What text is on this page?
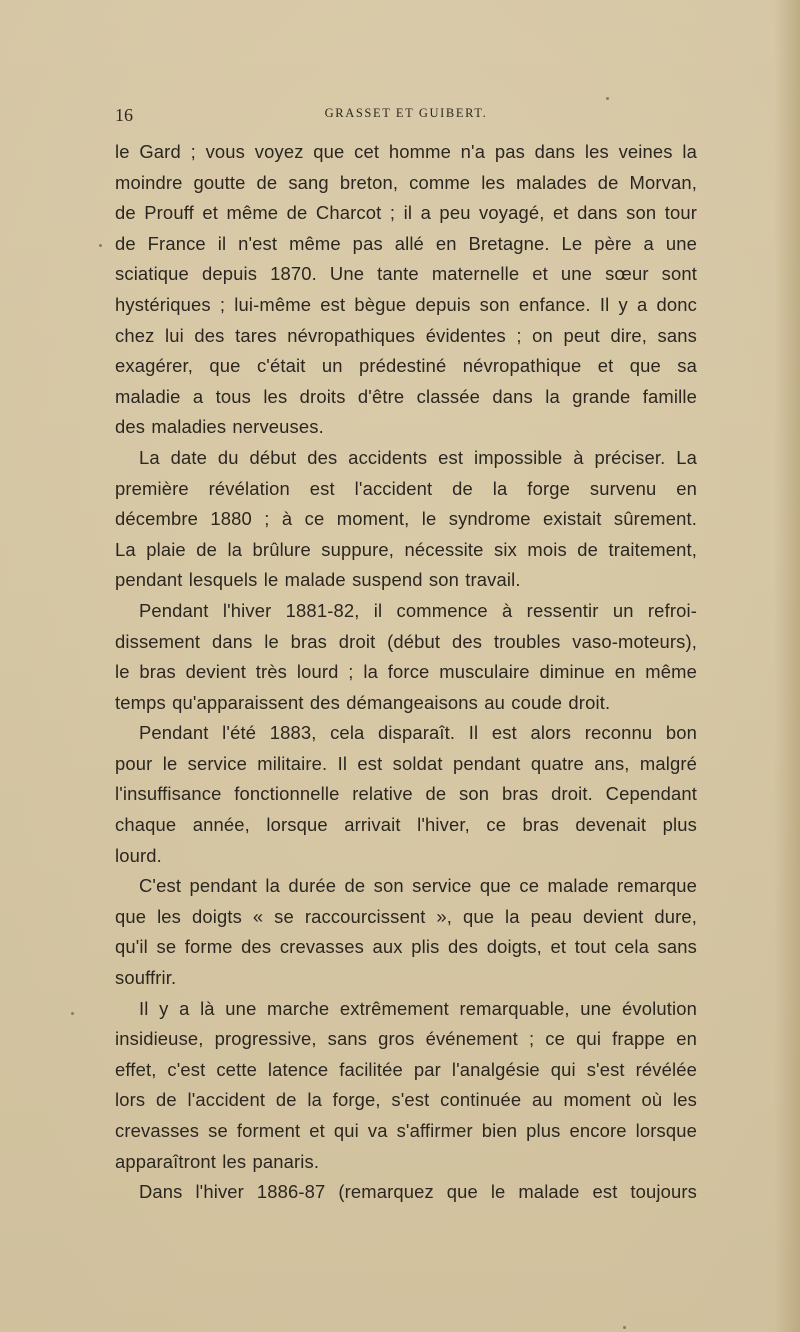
16	GRASSET ET GUIBERT.
le Gard ; vous voyez que cet homme n'a pas dans les veines la
moindre goutte de sang breton, comme les malades de Morvan,
de Prouff et même de Charcot ; il a peu voyagé, et dans son tour
de France il n'est même pas allé en Bretagne. Le père a une
sciatique depuis 1870. Une tante maternelle et une sœur sont
hystériques ; lui-même est bègue depuis son enfance. Il y a donc
chez lui des tares névropathiques évidentes ; on peut dire, sans
exagérer, que c'était un prédestiné névropathique et que sa
maladie a tous les droits d'être classée dans la grande famille
des maladies nerveuses.
La date du début des accidents est impossible à préciser. La
première révélation est l'accident de la forge survenu en
décembre 1880 ; à ce moment, le syndrome existait sûrement.
La plaie de la brûlure suppure, nécessite six mois de traitement,
pendant lesquels le malade suspend son travail.
Pendant l'hiver 1881-82, il commence à ressentir un refroi-
dissement dans le bras droit (début des troubles vaso-moteurs),
le bras devient très lourd ; la force musculaire diminue en même
temps qu'apparaissent des démangeaisons au coude droit.
Pendant l'été 1883, cela disparaît. Il est alors reconnu bon
pour le service militaire. Il est soldat pendant quatre ans, malgré
l'insuffisance fonctionnelle relative de son bras droit. Cependant
chaque année, lorsque arrivait l'hiver, ce bras devenait plus
lourd.
C'est pendant la durée de son service que ce malade remarque
que les doigts « se raccourcissent », que la peau devient dure,
qu'il se forme des crevasses aux plis des doigts, et tout cela sans
souffrir.
Il y a là une marche extrêmement remarquable, une évolution
insidieuse, progressive, sans gros événement ; ce qui frappe en
effet, c'est cette latence facilitée par l'analgésie qui s'est révélée
lors de l'accident de la forge, s'est continuée au moment où les
crevasses se forment et qui va s'affirmer bien plus encore lorsque
apparaîtront les panaris.
Dans l'hiver 1886-87 (remarquez que le malade est toujours
